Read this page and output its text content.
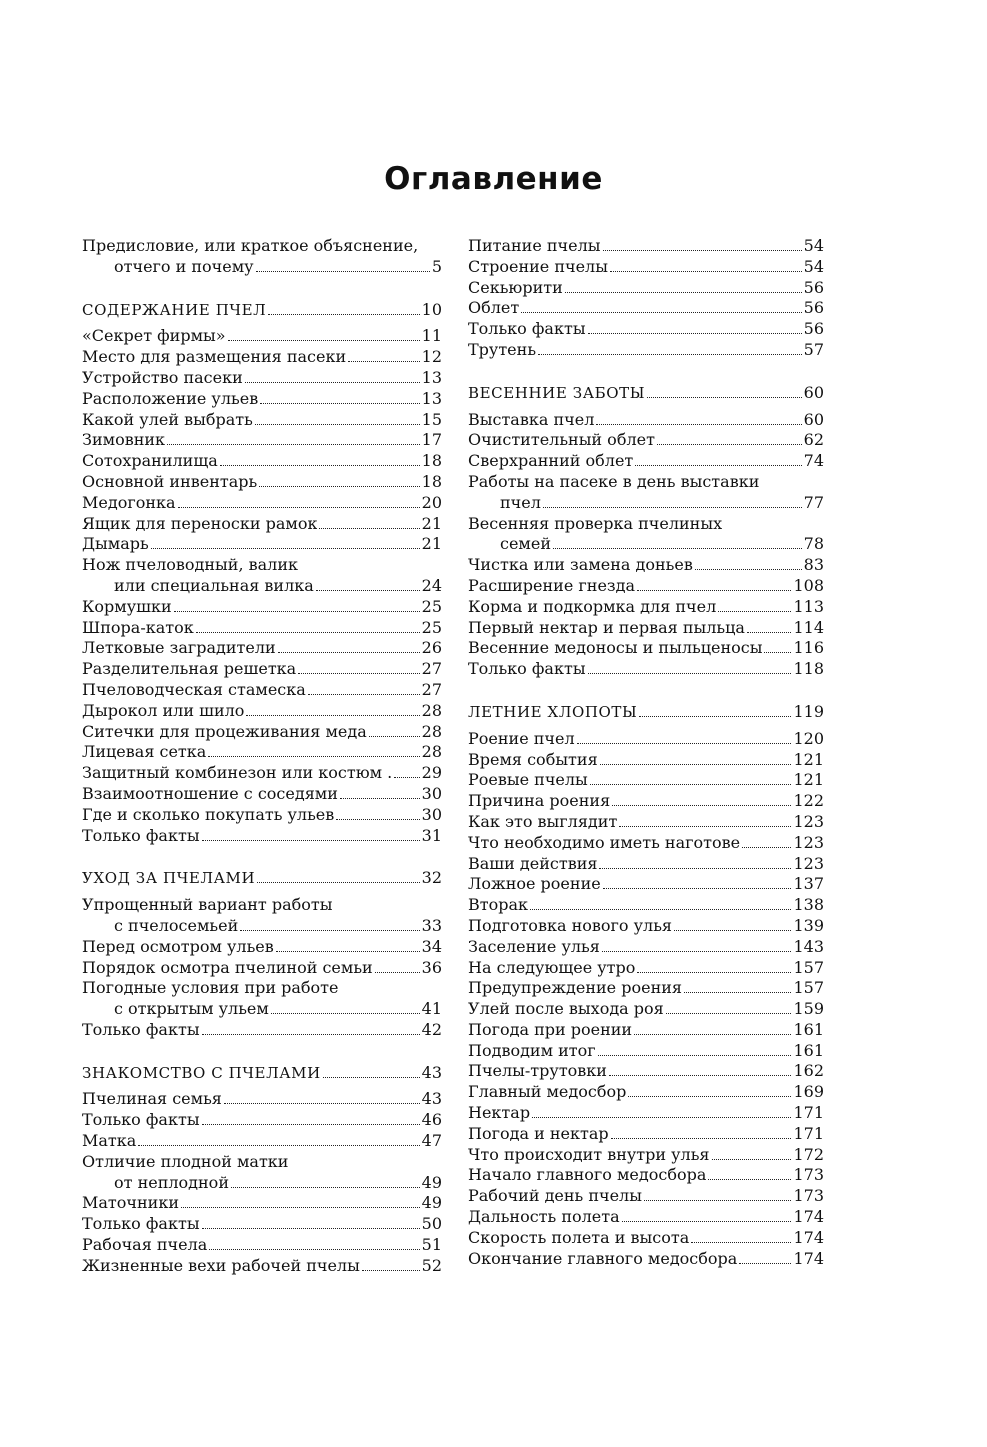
Оглавление
Предисловие, или краткое объяснение,
отчего и почему	5
СОДЕРЖАНИЕ ПЧЕЛ	10
«Секрет фирмы»	11
Место для размещения пасеки	12
Устройство пасеки	13
Расположение ульев	13
Какой улей выбрать	15
Зимовник	17
Сотохранилища	18
Основной инвентарь	18
Медогонка	20
Ящик для переноски рамок	21
Дымарь	21
Нож пчеловодный, валик
или специальная вилка	24
Кормушки	25
Шпора-каток	25
Летковые заградители	26
Разделительная решетка	27
Пчеловодческая стамеска	27
Дырокол или шило	28
Ситечки для процеживания меда	28
Лицевая сетка	28
Защитный комбинезон или костюм . 29
Взаимоотношение с соседями	30
Где и сколько покупать ульев	30
Только факты	31
УХОД ЗА ПЧЕЛАМИ	32
Упрощенный вариант работы
с пчелосемьей	33
Перед осмотром ульев	34
Порядок осмотра пчелиной семьи	36
Погодные условия при работе
с открытым ульем	41
Только факты	42
ЗНАКОМСТВО С ПЧЕЛАМИ	43
Пчелиная семья	43
Только факты	46
Матка	47
Отличие плодной матки
от неплодной	49
Маточники	49
Только факты	50
Рабочая пчела	51
Жизненные вехи рабочей пчелы	52
Питание пчелы	54
Строение пчелы	54
Секьюрити	56
Облет	56
Только факты	56
Трутень	57
ВЕСЕННИЕ ЗАБОТЫ	60
Выставка пчел	60
Очистительный облет	62
Сверхранний облет	74
Работы на пасеке в день выставки
пчел	77
Весенняя проверка пчелиных
семей	78
Чистка или замена доньев	83
Расширение гнезда	108
Корма и подкормка для пчел	113
Первый нектар и первая пыльца	114
Весенние медоносы и пыльценосы 116
Только факты	118
ЛЕТНИЕ ХЛОПОТЫ	119
Роение пчел	120
Время события	121
Роевые пчелы	121
Причина роения	122
Как это выглядит	123
Что необходимо иметь наготове	123
Ваши действия	123
Ложное роение	137
Вторак	138
Подготовка нового улья	139
Заселение улья	143
На следующее утро	157
Предупреждение роения	157
Улей после выхода роя	159
Погода при роении	161
Подводим итог	161
Пчелы-трутовки	162
Главный медосбор	169
Нектар	171
Погода и нектар	171
Что происходит внутри улья	172
Начало главного медосбора	173
Рабочий день пчелы	173
Дальность полета	174
Скорость полета и высота	174
Окончание главного медосбора	174
